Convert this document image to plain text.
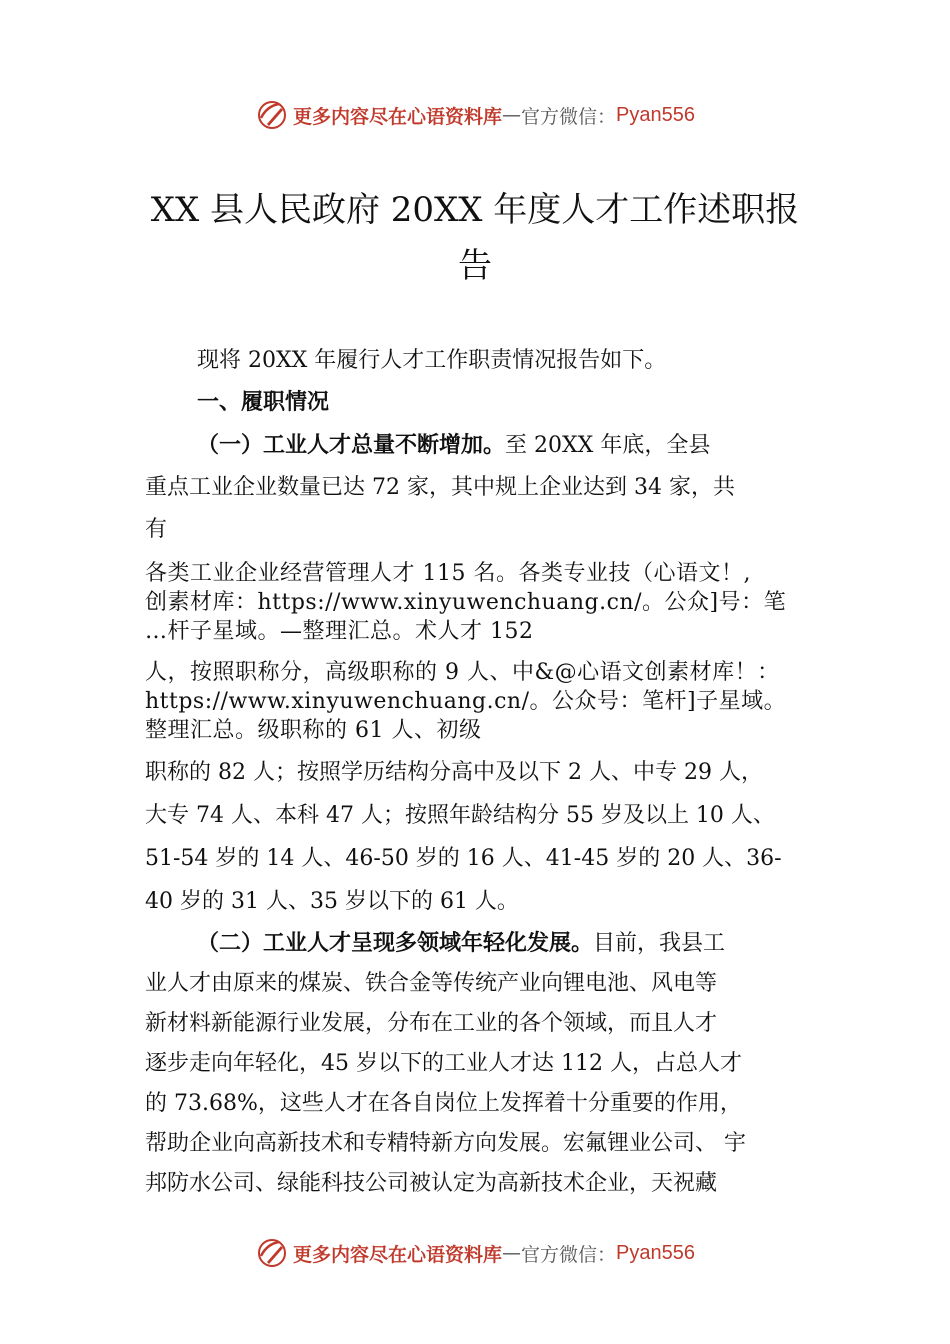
更多内容尽在心语资料库 — 官方微信： Pyan556
XX 县人民政府 20XX 年度人才工作述职报
告

现将 20XX 年履行人才工作职责情况报告如下。

一、履职情况

（一）工业人才总量不断增加。至 20XX 年底，全县

重点工业企业数量已达 72 家，其中规上企业达到 34 家，共

有

各类工业企业经营管理人才 115 名。各类专业技（心语文！,

创素材库：https://www.xinyuwenchuang.cn/。公众]号：笔

…杆子星域。—整理汇总。术人才 152

人，按照职称分，高级职称的 9 人、中&@心语文创素材库！：

https://www.xinyuwenchuang.cn/。公众号：笔杆]子星域。

整理汇总。级职称的 61 人、初级

职称的 82 人；按照学历结构分高中及以下 2 人、中专 29 人，

大专 74 人、本科 47 人；按照年龄结构分 55 岁及以上 10 人、

51-54 岁的 14 人、46-50 岁的 16 人、41-45 岁的 20 人、36-

40 岁的 31 人、35 岁以下的 61 人。

（二）工业人才呈现多领域年轻化发展。目前，我县工

业人才由原来的煤炭、铁合金等传统产业向锂电池、风电等

新材料新能源行业发展，分布在工业的各个领域，而且人才

逐步走向年轻化，45 岁以下的工业人才达 112 人，占总人才

的 73.68%，这些人才在各自岗位上发挥着十分重要的作用，

帮助企业向高新技术和专精特新方向发展。宏氟锂业公司、 宇

邦防水公司、绿能科技公司被认定为高新技术企业，天祝藏

更多内容尽在心语资料库 — 官方微信： Pyan556
